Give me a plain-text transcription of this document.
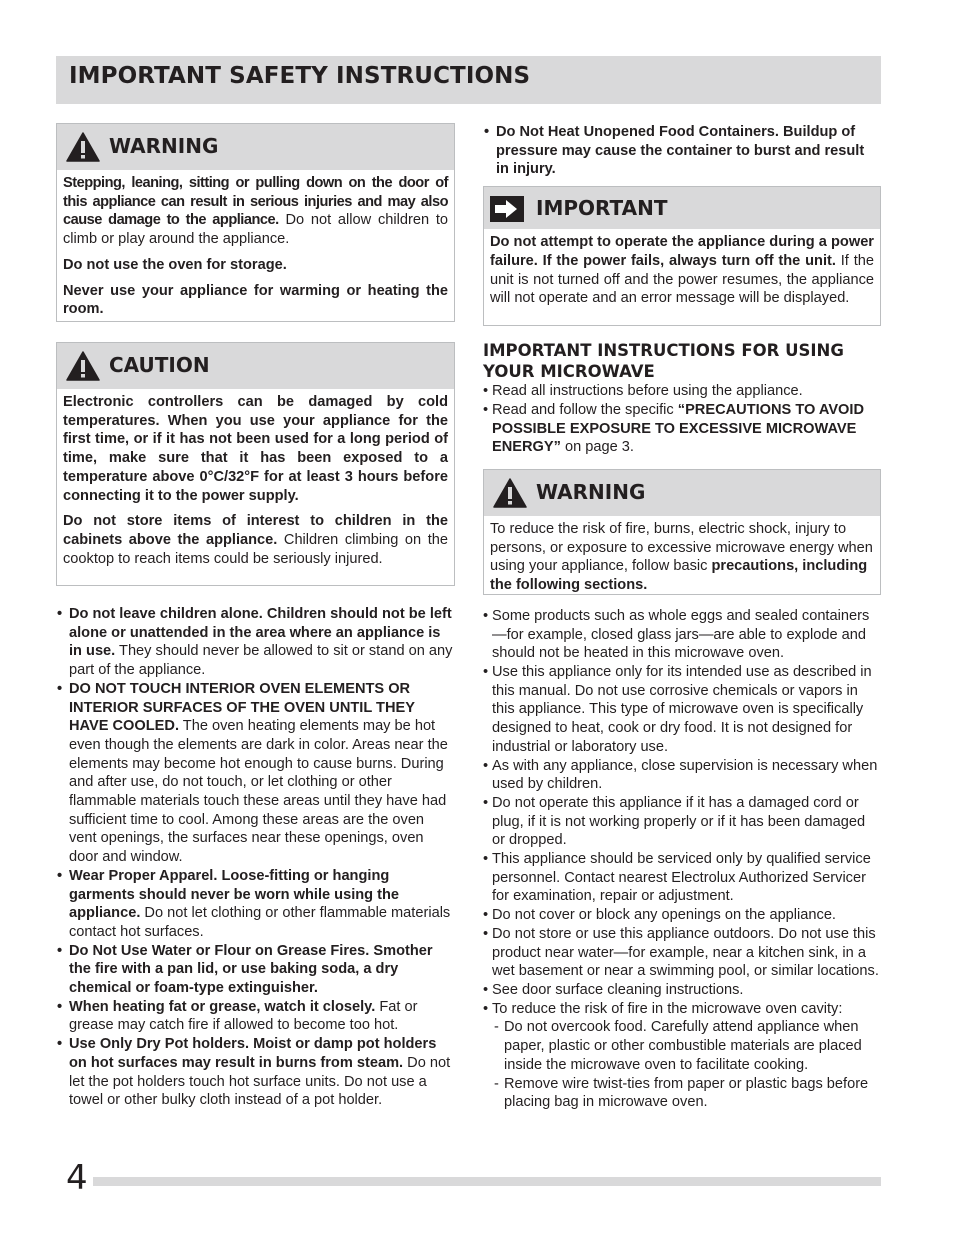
IMPORTANT SAFETY INSTRUCTIONS
WARNING

Stepping, leaning, sitting or pulling down on the door of this appliance can result in serious injuries and may also cause damage to the appliance. Do not allow children to climb or play around the appliance.

Do not use the oven for storage.

Never use your appliance for warming or heating the room.

CAUTION

Electronic controllers can be damaged by cold temperatures. When you use your appliance for the first time, or if it has not been used for a long period of time, make sure that it has been exposed to a temperature above 0°C/32°F for at least 3 hours before connecting it to the power supply.

Do not store items of interest to children in the cabinets above the appliance. Children climbing on the cooktop to reach items could be seriously injured.

• Do not leave children alone. Children should not be left alone or unattended in the area where an appliance is in use. They should never be allowed to sit or stand on any part of the appliance.
• DO NOT TOUCH INTERIOR OVEN ELEMENTS OR INTERIOR SURFACES OF THE OVEN UNTIL THEY HAVE COOLED. The oven heating elements may be hot even though the elements are dark in color. Areas near the elements may become hot enough to cause burns. During and after use, do not touch, or let clothing or other flammable materials touch these areas until they have had sufficient time to cool. Among these areas are the oven vent openings, the surfaces near these openings, oven door and window.
• Wear Proper Apparel. Loose-fitting or hanging garments should never be worn while using the appliance. Do not let clothing or other flammable materials contact hot surfaces.
• Do Not Use Water or Flour on Grease Fires. Smother the fire with a pan lid, or use baking soda, a dry chemical or foam-type extinguisher.
• When heating fat or grease, watch it closely. Fat or grease may catch fire if allowed to become too hot.
• Use Only Dry Pot holders. Moist or damp pot holders on hot surfaces may result in burns from steam. Do not let the pot holders touch hot surface units. Do not use a towel or other bulky cloth instead of a pot holder.
• Do Not Heat Unopened Food Containers. Buildup of pressure may cause the container to burst and result in injury.
IMPORTANT

Do not attempt to operate the appliance during a power failure. If the power fails, always turn off the unit. If the unit is not turned off and the power resumes, the appliance will not operate and an error message will be displayed.

IMPORTANT INSTRUCTIONS FOR USING YOUR MICROWAVE
• Read all instructions before using the appliance.
• Read and follow the specific “PRECAUTIONS TO AVOID POSSIBLE EXPOSURE TO EXCESSIVE MICROWAVE ENERGY” on page 3.
WARNING

To reduce the risk of fire, burns, electric shock, injury to persons, or exposure to excessive microwave energy when using your appliance, follow basic precautions, including the following sections.

• Some products such as whole eggs and sealed containers —for example, closed glass jars—are able to explode and should not be heated in this microwave oven.
• Use this appliance only for its intended use as described in this manual. Do not use corrosive chemicals or vapors in this appliance. This type of microwave oven is specifically designed to heat, cook or dry food. It is not designed for industrial or laboratory use.
• As with any appliance, close supervision is necessary when used by children.
• Do not operate this appliance if it has a damaged cord or plug, if it is not working properly or if it has been damaged or dropped.
• This appliance should be serviced only by qualified service personnel. Contact nearest Electrolux Authorized Servicer for examination, repair or adjustment.
• Do not cover or block any openings on the appliance.
• Do not store or use this appliance outdoors. Do not use this product near water—for example, near a kitchen sink, in a wet basement or near a swimming pool, or similar locations.
• See door surface cleaning instructions.
• To reduce the risk of fire in the microwave oven cavity:
- Do not overcook food. Carefully attend appliance when paper, plastic or other combustible materials are placed inside the microwave oven to facilitate cooking.
- Remove wire twist-ties from paper or plastic bags before placing bag in microwave oven.
4
